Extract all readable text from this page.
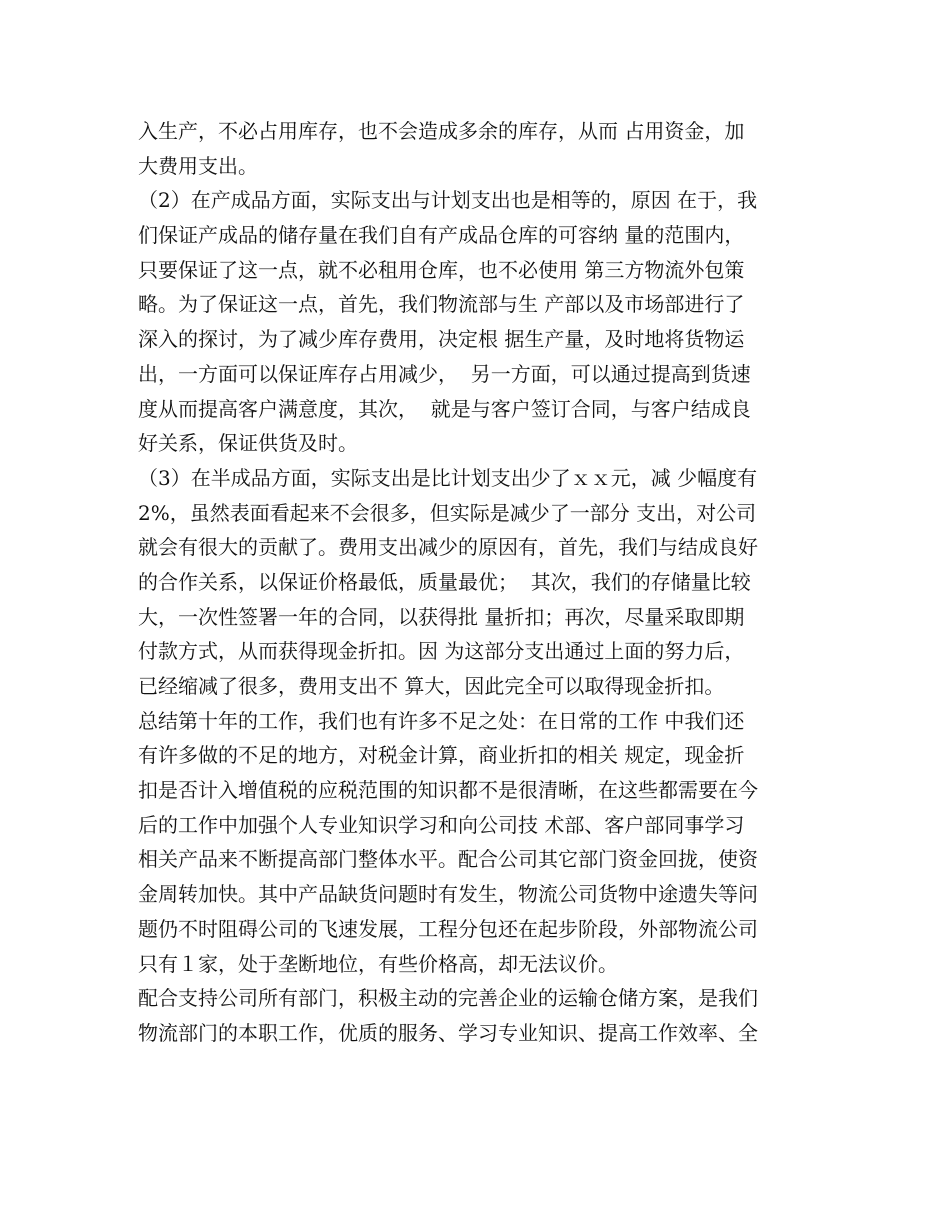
入生产，不必占用库存，也不会造成多余的库存，从而 占用资金，加
大费用支出。
（2）在产成品方面，实际支出与计划支出也是相等的，原因 在于，我
们保证产成品的储存量在我们自有产成品仓库的可容纳 量的范围内，
只要保证了这一点，就不必租用仓库，也不必使用 第三方物流外包策
略。为了保证这一点，首先，我们物流部与生 产部以及市场部进行了
深入的探讨，为了减少库存费用，决定根 据生产量，及时地将货物运
出，一方面可以保证库存占用减少，  另一方面，可以通过提高到货速
度从而提高客户满意度，其次，  就是与客户签订合同，与客户结成良
好关系，保证供货及时。
（3）在半成品方面，实际支出是比计划支出少了ｘｘ元，减 少幅度有
2%，虽然表面看起来不会很多，但实际是减少了一部分 支出，对公司
就会有很大的贡献了。费用支出减少的原因有，首先，我们与结成良好
的合作关系，以保证价格最低，质量最优；  其次，我们的存储量比较
大，一次性签署一年的合同，以获得批 量折扣；再次，尽量采取即期
付款方式，从而获得现金折扣。因 为这部分支出通过上面的努力后，
已经缩减了很多，费用支出不 算大，因此完全可以取得现金折扣。
总结第十年的工作，我们也有许多不足之处：在日常的工作 中我们还
有许多做的不足的地方，对税金计算，商业折扣的相关 规定，现金折
扣是否计入增值税的应税范围的知识都不是很清晰，在这些都需要在今
后的工作中加强个人专业知识学习和向公司技 术部、客户部同事学习
相关产品来不断提高部门整体水平。配合公司其它部门资金回拢，使资
金周转加快。其中产品缺货问题时有发生，物流公司货物中途遗失等问
题仍不时阻碍公司的飞速发展，工程分包还在起步阶段，外部物流公司
只有１家，处于垄断地位，有些价格高，却无法议价。
配合支持公司所有部门，积极主动的完善企业的运输仓储方案，是我们
物流部门的本职工作，优质的服务、学习专业知识、提高工作效率、全
